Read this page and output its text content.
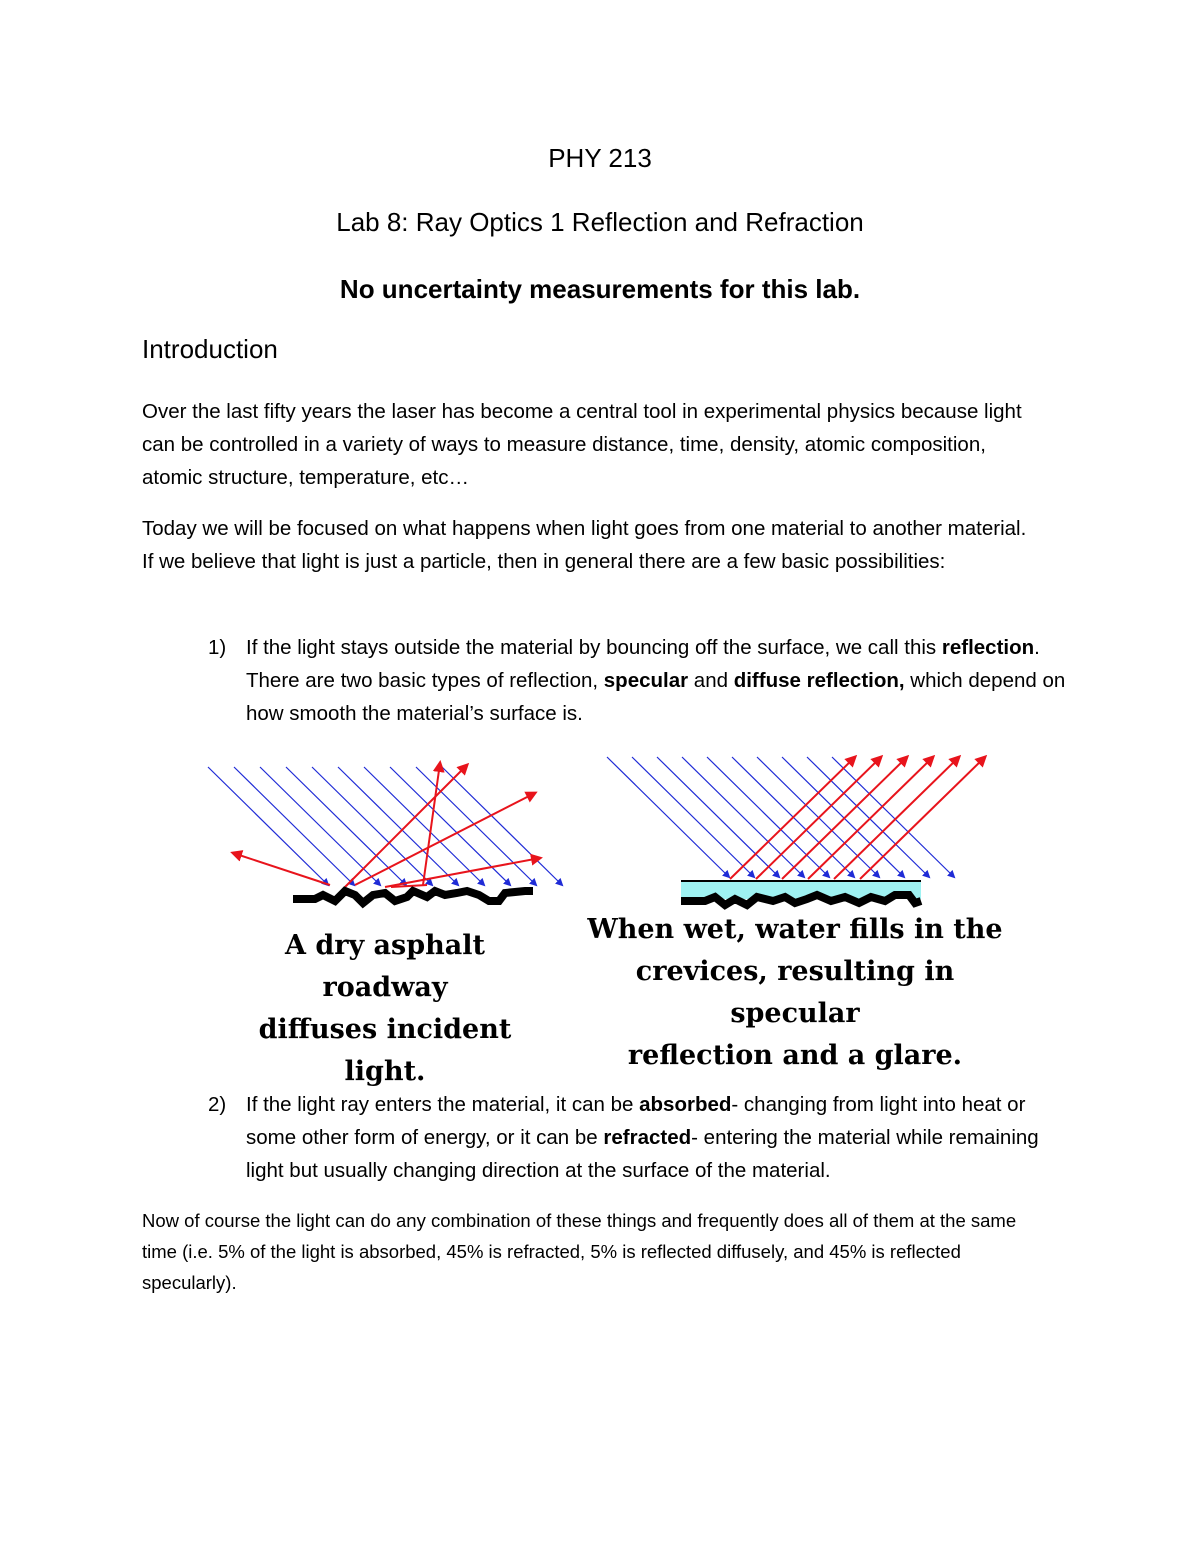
PHY 213
Lab 8: Ray Optics 1 Reflection and Refraction
No uncertainty measurements for this lab.
Introduction

Over the last fifty years the laser has become a central tool in experimental physics because light can be controlled in a variety of ways to measure distance, time, density, atomic composition, atomic structure, temperature, etc…

Today we will be focused on what happens when light goes from one material to another material. If we believe that light is just a particle, then in general there are a few basic possibilities:

1) If the light stays outside the material by bouncing off the surface, we call this reflection. There are two basic types of reflection, specular and diffuse reflection, which depend on how smooth the material’s surface is.
A dry asphalt roadway
diffuses incident light.
When wet, water fills in the
crevices, resulting in specular
reflection and a glare.
2) If the light ray enters the material, it can be absorbed- changing from light into heat or some other form of energy, or it can be refracted- entering the material while remaining light but usually changing direction at the surface of the material.

Now of course the light can do any combination of these things and frequently does all of them at the same time (i.e. 5% of the light is absorbed, 45% is refracted, 5% is reflected diffusely, and 45% is reflected specularly).
